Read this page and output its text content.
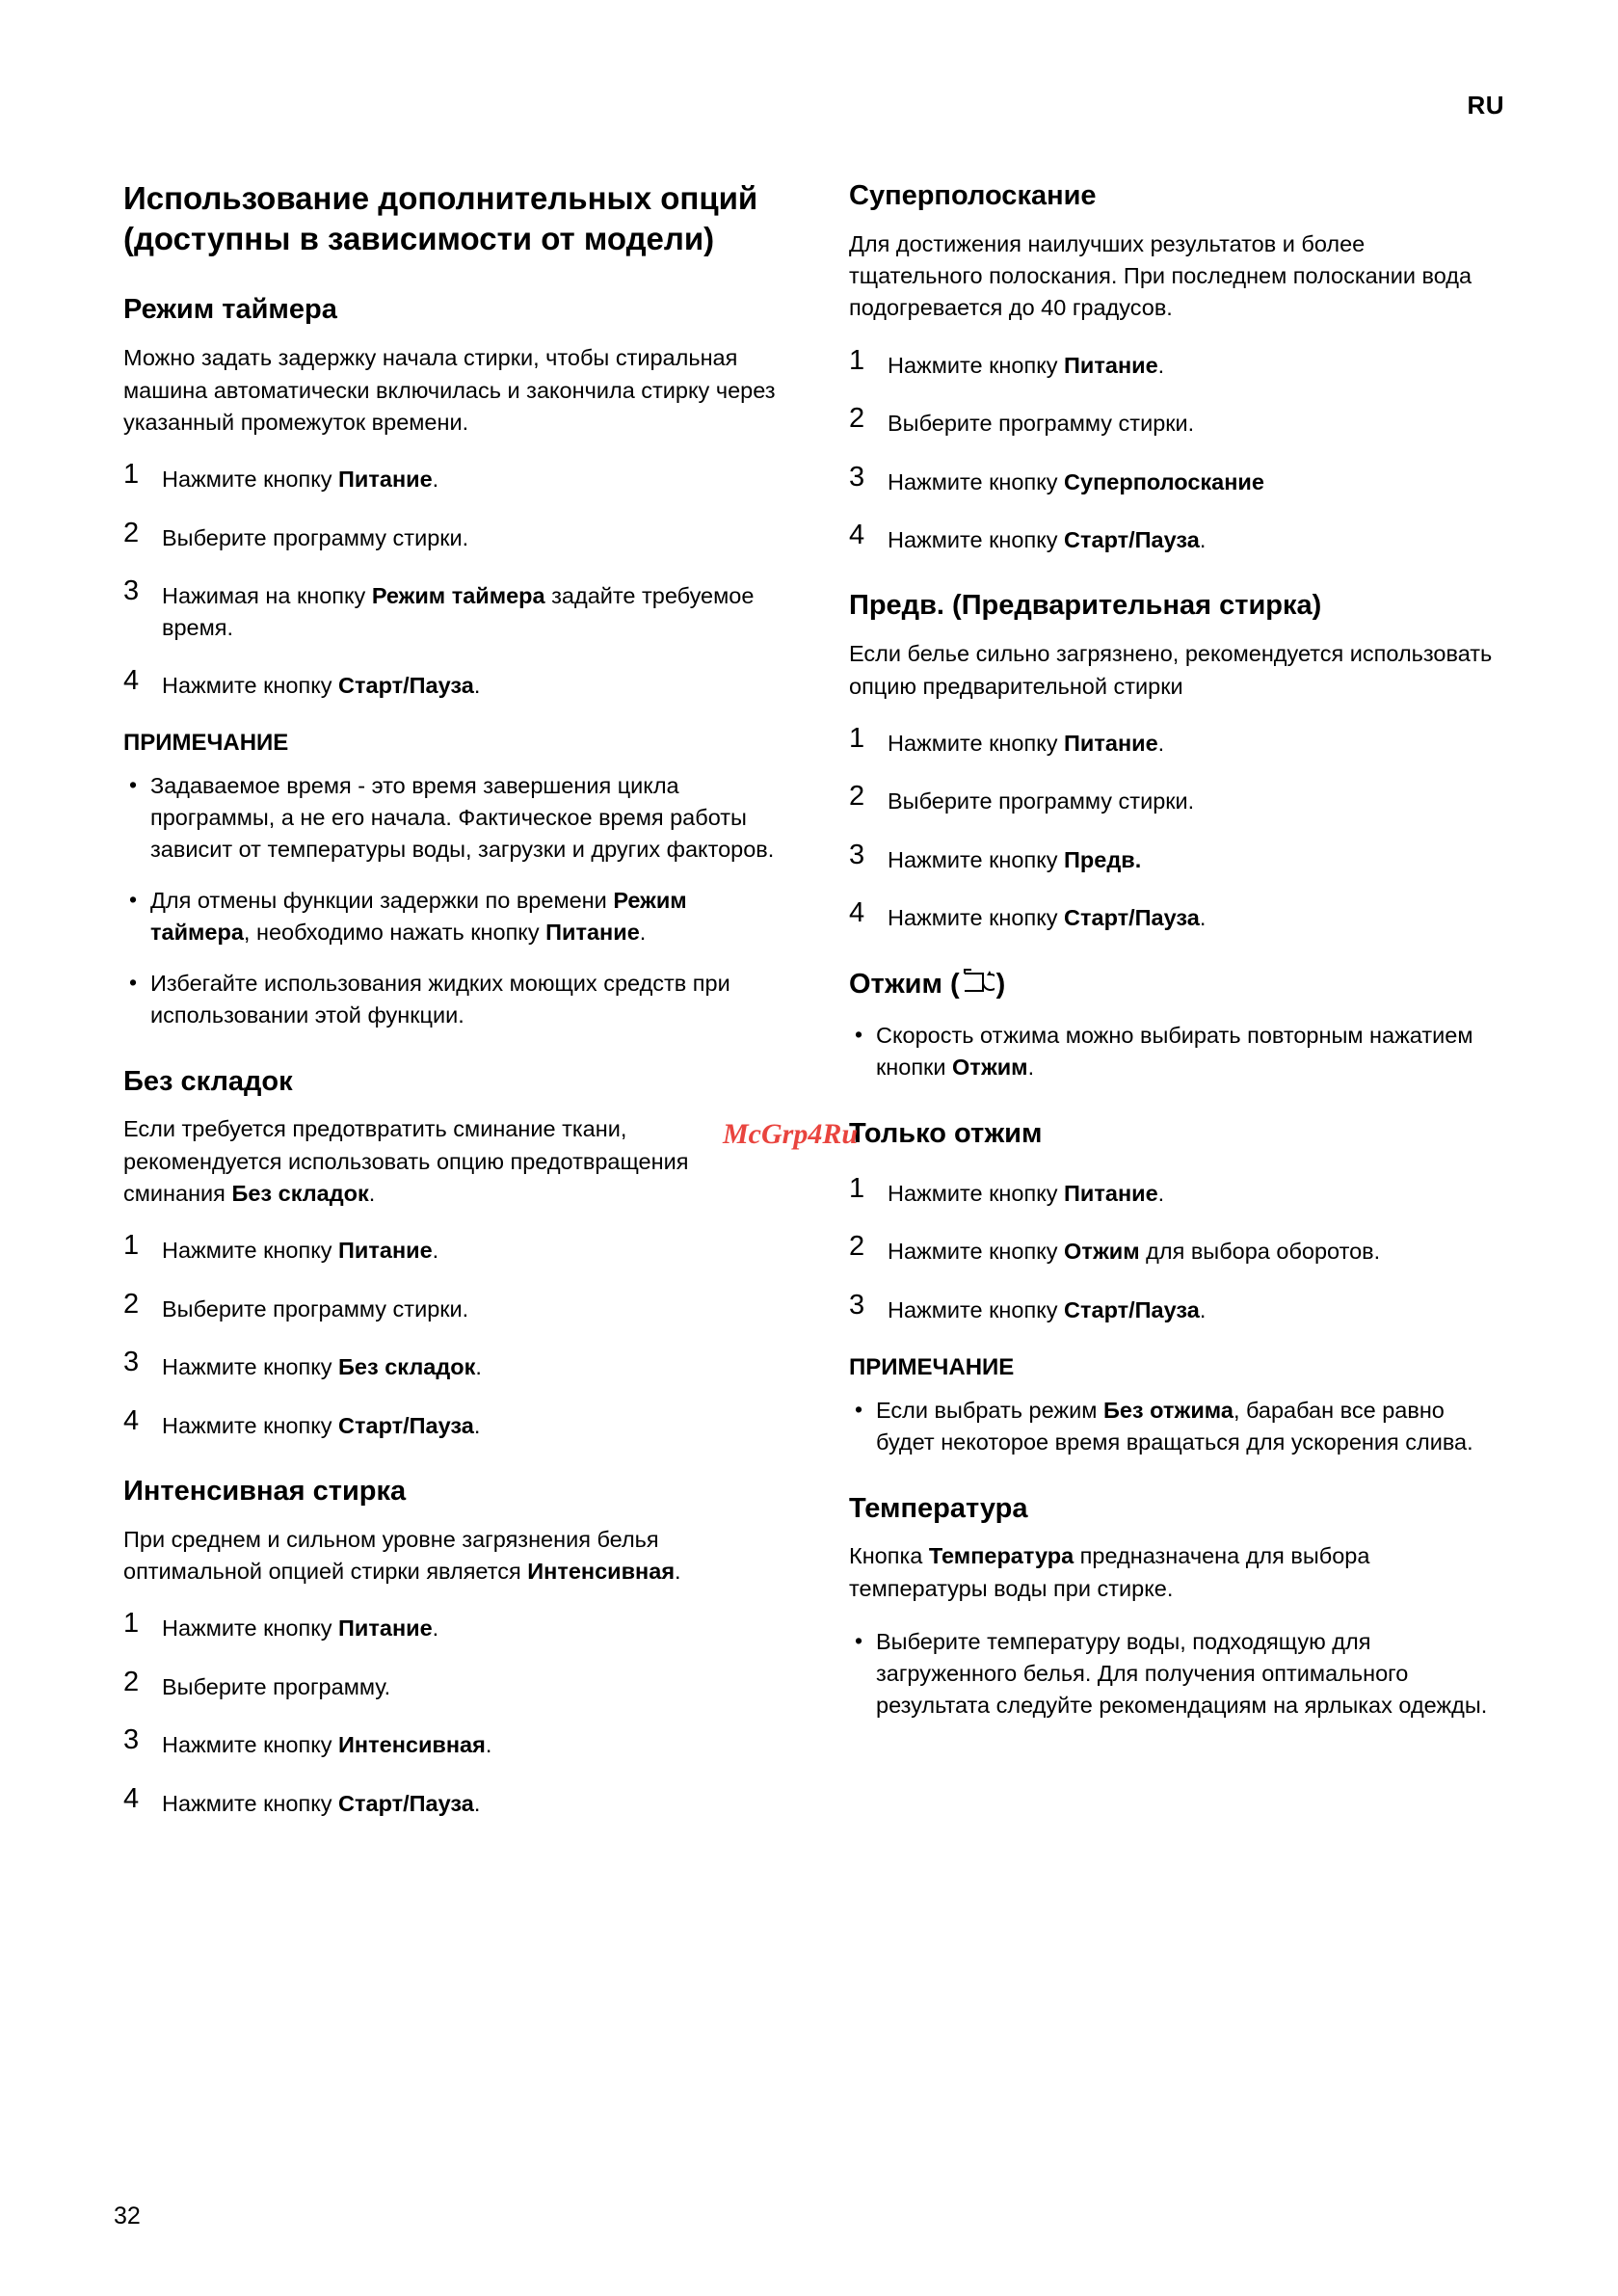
RU
Использование дополнительных опций (доступны в зависимости от модели)
Режим таймера

Можно задать задержку начала стирки, чтобы стиральная машина автоматически включилась и закончила стирку через указанный промежуток времени.

1	Нажмите кнопку Питание.
2	Выберите программу стирки.
3	Нажимая на кнопку Режим таймера задайте требуемое время.
4	Нажмите кнопку Старт/Пауза.
ПРИМЕЧАНИЕ
• Задаваемое время - это время завершения цикла программы, а не его начала. Фактическое время работы зависит от температуры воды, загрузки и других факторов.
• Для отмены функции задержки по времени Режим таймера, необходимо нажать кнопку Питание.
• Избегайте использования жидких моющих средств при использовании этой функции.
Без складок

Если требуется предотвратить сминание ткани, рекомендуется использовать опцию предотвращения сминания Без складок.

1	Нажмите кнопку Питание.
2	Выберите программу стирки.
3	Нажмите кнопку Без складок.
4	Нажмите кнопку Старт/Пауза.
Интенсивная стирка

При среднем и сильном уровне загрязнения белья оптимальной опцией стирки является Интенсивная.

1	Нажмите кнопку Питание.
2	Выберите программу.
3	Нажмите кнопку Интенсивная.
4	Нажмите кнопку Старт/Пауза.
Суперполоскание

Для достижения наилучших результатов и более тщательного полоскания. При последнем полоскании вода подогревается до 40 градусов.

1	Нажмите кнопку Питание.
2	Выберите программу стирки.
3	Нажмите кнопку Суперполоскание
4	Нажмите кнопку Старт/Пауза.
Предв. (Предварительная стирка)

Если белье сильно загрязнено, рекомендуется использовать опцию предварительной стирки

1	Нажмите кнопку Питание.
2	Выберите программу стирки.
3	Нажмите кнопку Предв.
4	Нажмите кнопку Старт/Пауза.
Отжим ( )
• Скорость отжима можно выбирать повторным нажатием кнопки Отжим.
Только отжим
1	Нажмите кнопку Питание.
2	Нажмите кнопку Отжим для выбора оборотов.
3	Нажмите кнопку Старт/Пауза.
ПРИМЕЧАНИЕ
• Если выбрать режим Без отжима, барабан все равно будет некоторое время вращаться для ускорения слива.
Температура

Кнопка Температура предназначена для выбора температуры воды при стирке.

• Выберите температуру воды, подходящую для загруженного белья. Для получения оптимального результата следуйте рекомендациям на ярлыках одежды.
McGrp4Ru
32
